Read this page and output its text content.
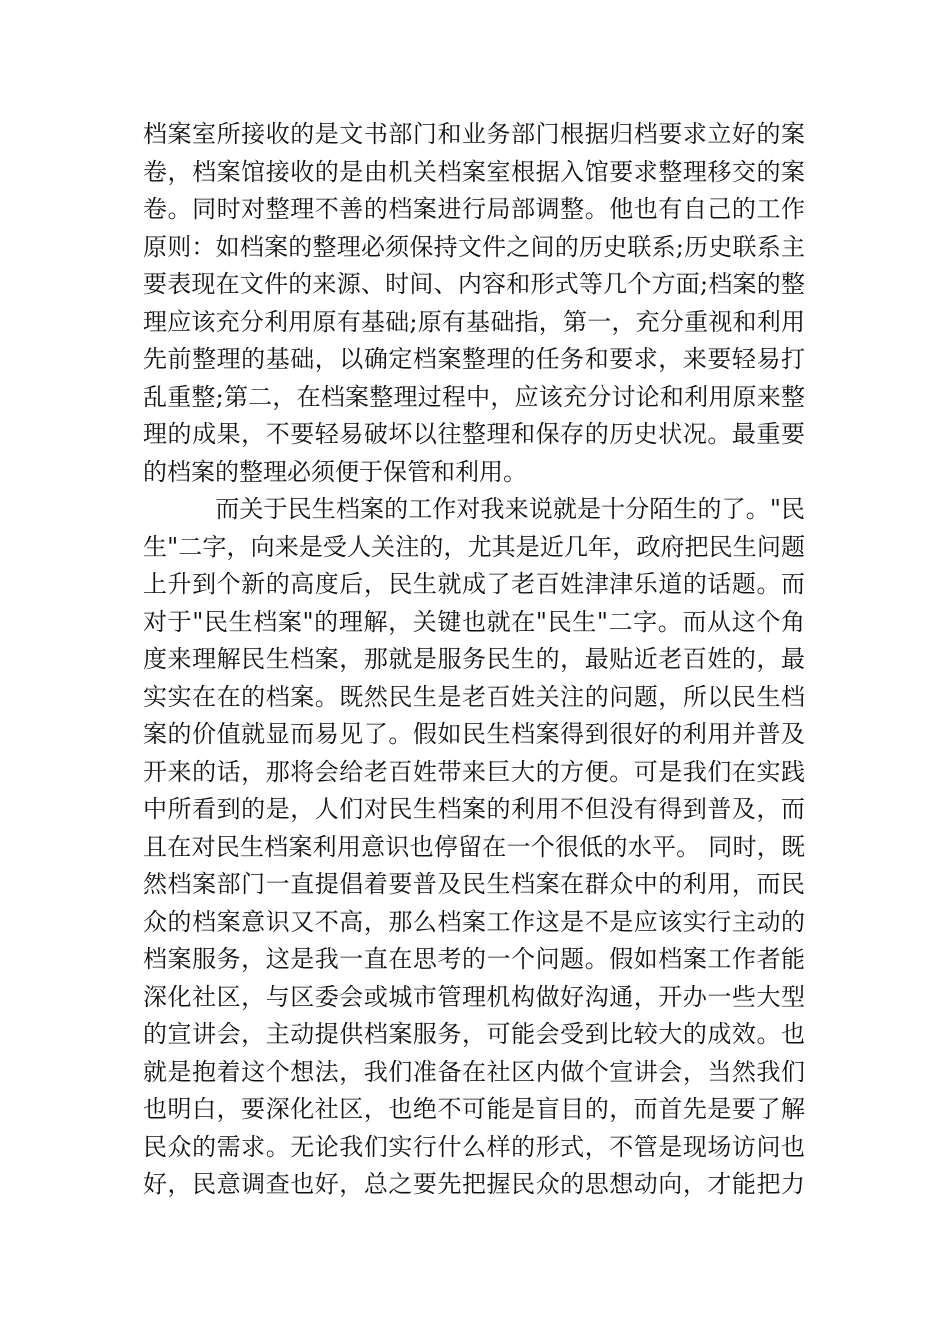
档案室所接收的是文书部门和业务部门根据归档要求立好的案
卷，档案馆接收的是由机关档案室根据入馆要求整理移交的案
卷。同时对整理不善的档案进行局部调整。他也有自己的工作
原则：如档案的整理必须保持文件之间的历史联系;历史联系主
要表现在文件的来源、时间、内容和形式等几个方面;档案的整
理应该充分利用原有基础;原有基础指，第一，充分重视和利用
先前整理的基础，以确定档案整理的任务和要求，来要轻易打
乱重整;第二，在档案整理过程中，应该充分讨论和利用原来整
理的成果，不要轻易破坏以往整理和保存的历史状况。最重要
的档案的整理必须便于保管和利用。
　　　而关于民生档案的工作对我来说就是十分陌生的了。"民
生"二字，向来是受人关注的，尤其是近几年，政府把民生问题
上升到个新的高度后，民生就成了老百姓津津乐道的话题。而
对于"民生档案"的理解，关键也就在"民生"二字。而从这个角
度来理解民生档案，那就是服务民生的，最贴近老百姓的，最
实实在在的档案。既然民生是老百姓关注的问题，所以民生档
案的价值就显而易见了。假如民生档案得到很好的利用并普及
开来的话，那将会给老百姓带来巨大的方便。可是我们在实践
中所看到的是，人们对民生档案的利用不但没有得到普及，而
且在对民生档案利用意识也停留在一个很低的水平。 同时，既
然档案部门一直提倡着要普及民生档案在群众中的利用，而民
众的档案意识又不高，那么档案工作这是不是应该实行主动的
档案服务，这是我一直在思考的一个问题。假如档案工作者能
深化社区，与区委会或城市管理机构做好沟通，开办一些大型
的宣讲会，主动提供档案服务，可能会受到比较大的成效。也
就是抱着这个想法，我们准备在社区内做个宣讲会，当然我们
也明白，要深化社区，也绝不可能是盲目的，而首先是要了解
民众的需求。无论我们实行什么样的形式，不管是现场访问也
好，民意调查也好，总之要先把握民众的思想动向，才能把力
